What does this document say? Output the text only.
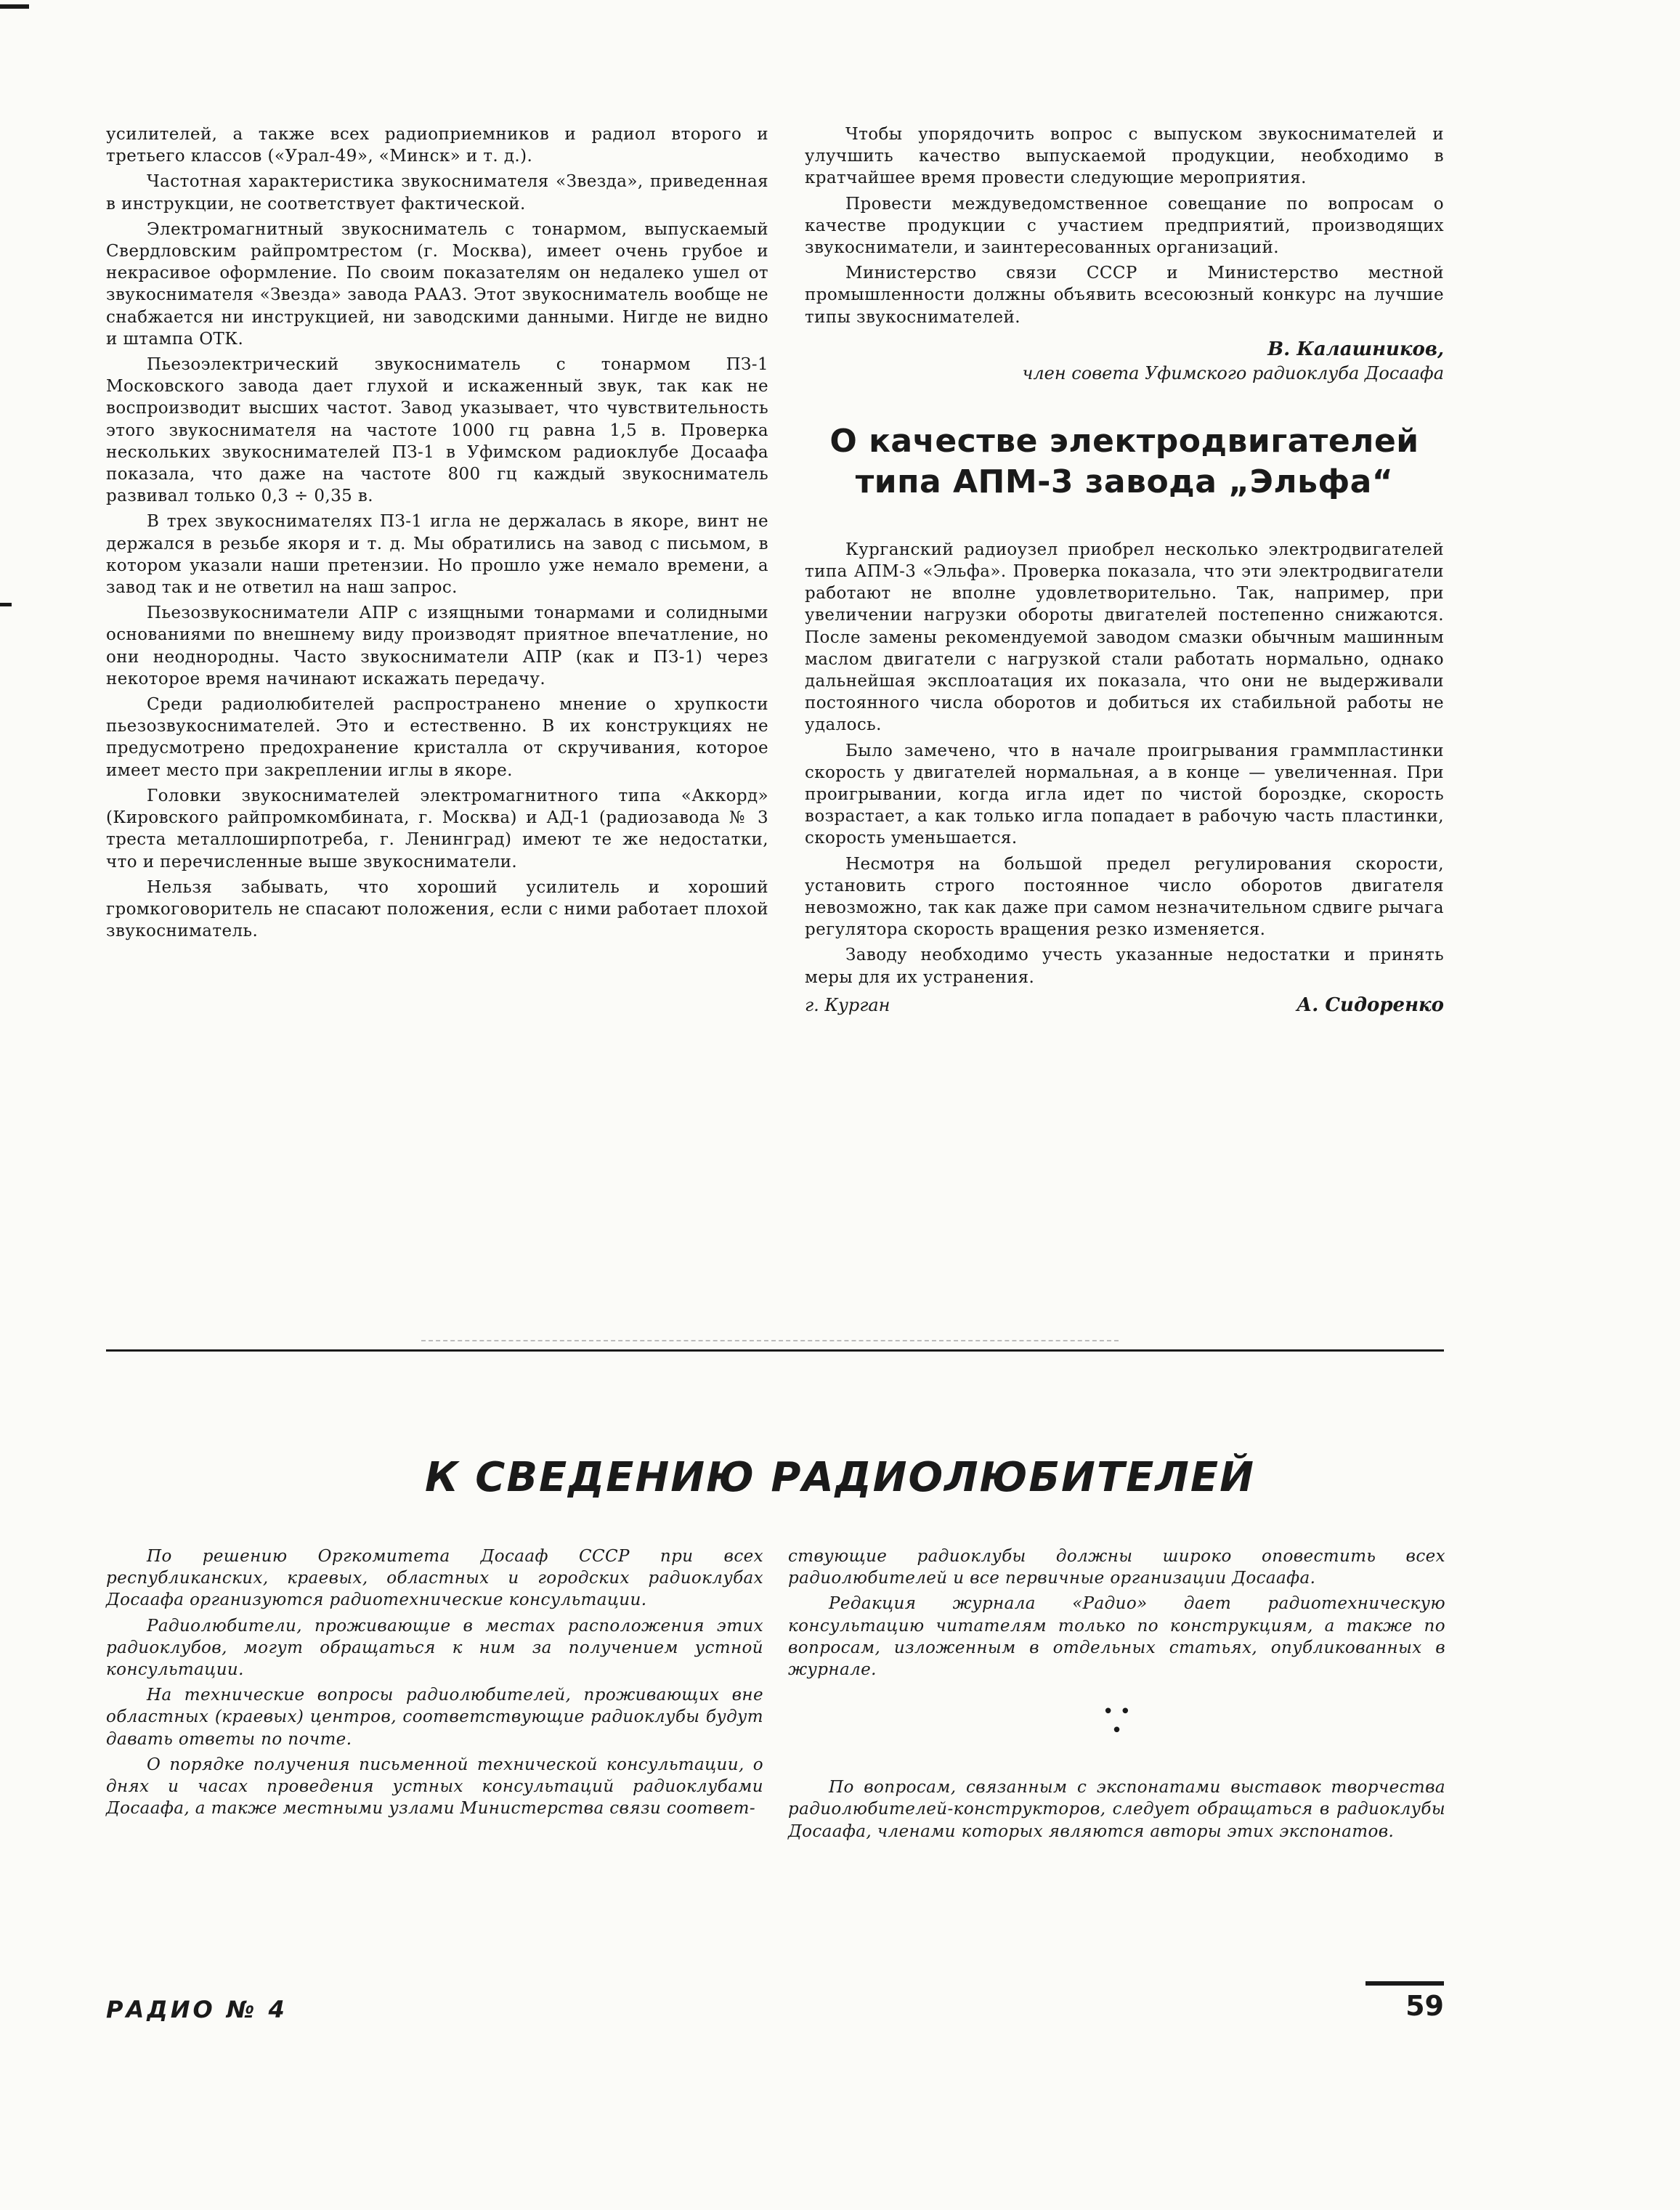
усилителей, а также всех радиоприемников и радиол второго и третьего классов («Урал-49», «Минск» и т. д.).

Частотная характеристика звукоснимателя «Звезда», приведенная в инструкции, не соответствует фактической.

Электромагнитный звукосниматель с тонармом, выпускаемый Свердловским райпромтрестом (г. Москва), имеет очень грубое и некрасивое оформление. По своим показателям он недалеко ушел от звукоснимателя «Звезда» завода РААЗ. Этот звукосниматель вообще не снабжается ни инструкцией, ни заводскими данными. Нигде не видно и штампа ОТК.

Пьезоэлектрический звукосниматель с тонармом ПЗ-1 Московского завода дает глухой и искаженный звук, так как не воспроизводит высших частот. Завод указывает, что чувствительность этого звукоснимателя на частоте 1000 гц равна 1,5 в. Проверка нескольких звукоснимателей ПЗ-1 в Уфимском радиоклубе Досаафа показала, что даже на частоте 800 гц каждый звукосниматель развивал только 0,3 ÷ 0,35 в.

В трех звукоснимателях ПЗ-1 игла не держалась в якоре, винт не держался в резьбе якоря и т. д. Мы обратились на завод с письмом, в котором указали наши претензии. Но прошло уже немало времени, а завод так и не ответил на наш запрос.

Пьезозвукосниматели АПР с изящными тонармами и солидными основаниями по внешнему виду производят приятное впечатление, но они неоднородны. Часто звукосниматели АПР (как и ПЗ-1) через некоторое время начинают искажать передачу.

Среди радиолюбителей распространено мнение о хрупкости пьезозвукоснимателей. Это и естественно. В их конструкциях не предусмотрено предохранение кристалла от скручивания, которое имеет место при закреплении иглы в якоре.

Головки звукоснимателей электромагнитного типа «Аккорд» (Кировского райпромкомбината, г. Москва) и АД-1 (радиозавода № 3 треста металлоширпотреба, г. Ленинград) имеют те же недостатки, что и перечисленные выше звукосниматели.

Нельзя забывать, что хороший усилитель и хороший громкоговоритель не спасают положения, если с ними работает плохой звукосниматель.

Чтобы упорядочить вопрос с выпуском звукоснимателей и улучшить качество выпускаемой продукции, необходимо в кратчайшее время провести следующие мероприятия.

Провести междуведомственное совещание по вопросам о качестве продукции с участием предприятий, производящих звукосниматели, и заинтересованных организаций.

Министерство связи СССР и Министерство местной промышленности должны объявить всесоюзный конкурс на лучшие типы звукоснимателей.

В. Калашников,

член совета Уфимского радиоклуба Досаафа

О качестве электродвигателей типа АПМ-3 завода „Эльфа“

Курганский радиоузел приобрел несколько электродвигателей типа АПМ-3 «Эльфа». Проверка показала, что эти электродвигатели работают не вполне удовлетворительно. Так, например, при увеличении нагрузки обороты двигателей постепенно снижаются. После замены рекомендуемой заводом смазки обычным машинным маслом двигатели с нагрузкой стали работать нормально, однако дальнейшая эксплоатация их показала, что они не выдерживали постоянного числа оборотов и добиться их стабильной работы не удалось.

Было замечено, что в начале проигрывания граммпластинки скорость у двигателей нормальная, а в конце — увеличенная. При проигрывании, когда игла идет по чистой бороздке, скорость возрастает, а как только игла попадает в рабочую часть пластинки, скорость уменьшается.

Несмотря на большой предел регулирования скорости, установить строго постоянное число оборотов двигателя невозможно, так как даже при самом незначительном сдвиге рычага регулятора скорость вращения резко изменяется.

Заводу необходимо учесть указанные недостатки и принять меры для их устранения.

г. Курган	А. Сидоренко
К СВЕДЕНИЮ РАДИОЛЮБИТЕЛЕЙ

По решению Оргкомитета Досааф СССР при всех республиканских, краевых, областных и городских радиоклубах Досаафа организуются радиотехнические консультации.

Радиолюбители, проживающие в местах расположения этих радиоклубов, могут обращаться к ним за получением устной консультации.

На технические вопросы радиолюбителей, проживающих вне областных (краевых) центров, соответствующие радиоклубы будут давать ответы по почте.

О порядке получения письменной технической консультации, о днях и часах проведения устных консультаций радиоклубами Досаафа, а также местными узлами Министерства связи соответ-

ствующие радиоклубы должны широко оповестить всех радиолюбителей и все первичные организации Досаафа.

Редакция журнала «Радио» дает радиотехническую консультацию читателям только по конструкциям, а также по вопросам, изложенным в отдельных статьях, опубликованных в журнале.

• •
•

По вопросам, связанным с экспонатами выставок творчества радиолюбителей-конструкторов, следует обращаться в радиоклубы Досаафа, членами которых являются авторы этих экспонатов.

РАДИО № 4	59
